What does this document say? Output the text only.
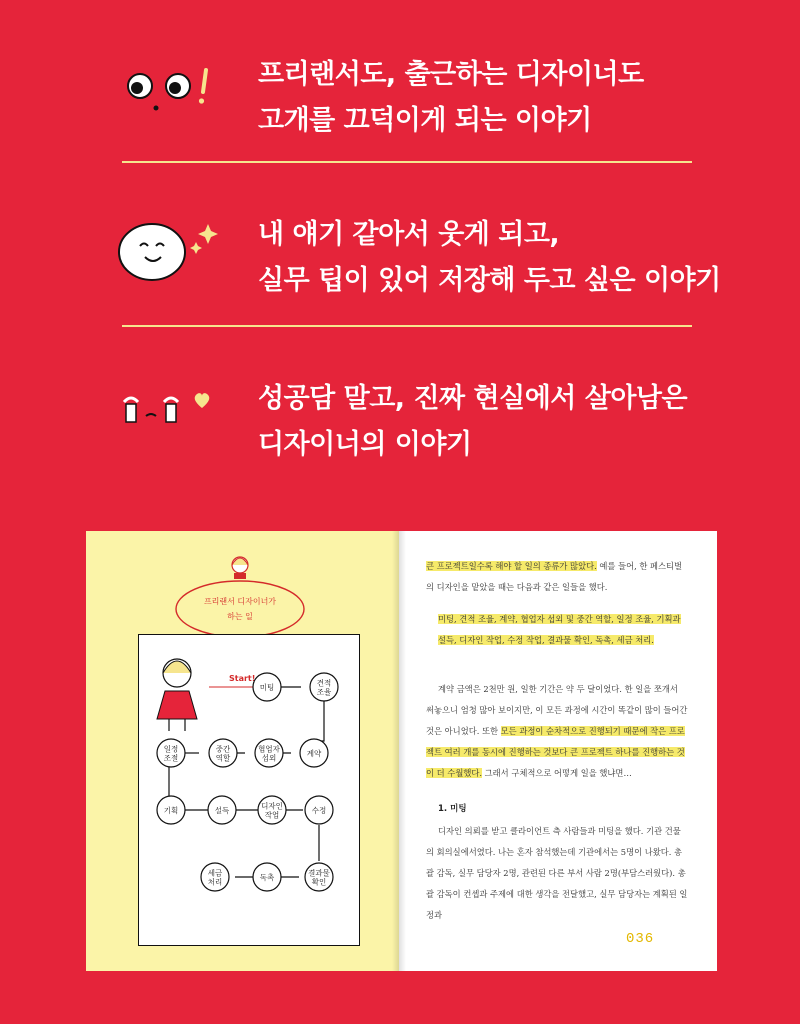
프리랜서도, 출근하는 디자이너도
고개를 끄덕이게 되는 이야기
내 얘기 같아서 웃게 되고,
실무 팁이 있어 저장해 두고 싶은 이야기
성공담 말고, 진짜 현실에서 살아남은
디자이너의 이야기
프리랜서 디자이너가
하는 일
Start!
미팅	견적
조율
중간
역할
협업자
섭외	계약
일정
조절
기획	설득	디자인
작업	수정
세금
처리	독촉	결과물
확인
큰 프로젝트일수록 해야 할 일의 종류가 많았다. 예를 들어, 한 페스티벌의 디자인을 맡았을 때는 다음과 같은 일들을 했다.
미팅, 견적 조율, 계약, 협업자 섭외 및 중간 역할, 일정 조율, 기획과 설득, 디자인 작업, 수정 작업, 결과물 확인, 독촉, 세금 처리.
계약 금액은 2천만 원, 일한 기간은 약 두 달이었다. 한 일을 쪼개서 써놓으니 엄청 많아 보이지만, 이 모든 과정에 시간이 똑같이 많이 들어간 것은 아니었다. 또한 모든 과정이 순차적으로 진행되기 때문에 작은 프로젝트 여러 개를 동시에 진행하는 것보다 큰 프로젝트 하나를 진행하는 것이 더 수월했다. 그래서 구체적으로 어떻게 일을 했냐면…
1. 미팅
디자인 의뢰를 받고 클라이언트 측 사람들과 미팅을 했다. 기관 건물의 회의실에서였다. 나는 혼자 참석했는데 기관에서는 5명이 나왔다. 총괄 감독, 실무 담당자 2명, 관련된 다른 부서 사람 2명(부담스러웠다). 총괄 감독이 컨셉과 주제에 대한 생각을 전달했고, 실무 담당자는 계획된 일정과
036
